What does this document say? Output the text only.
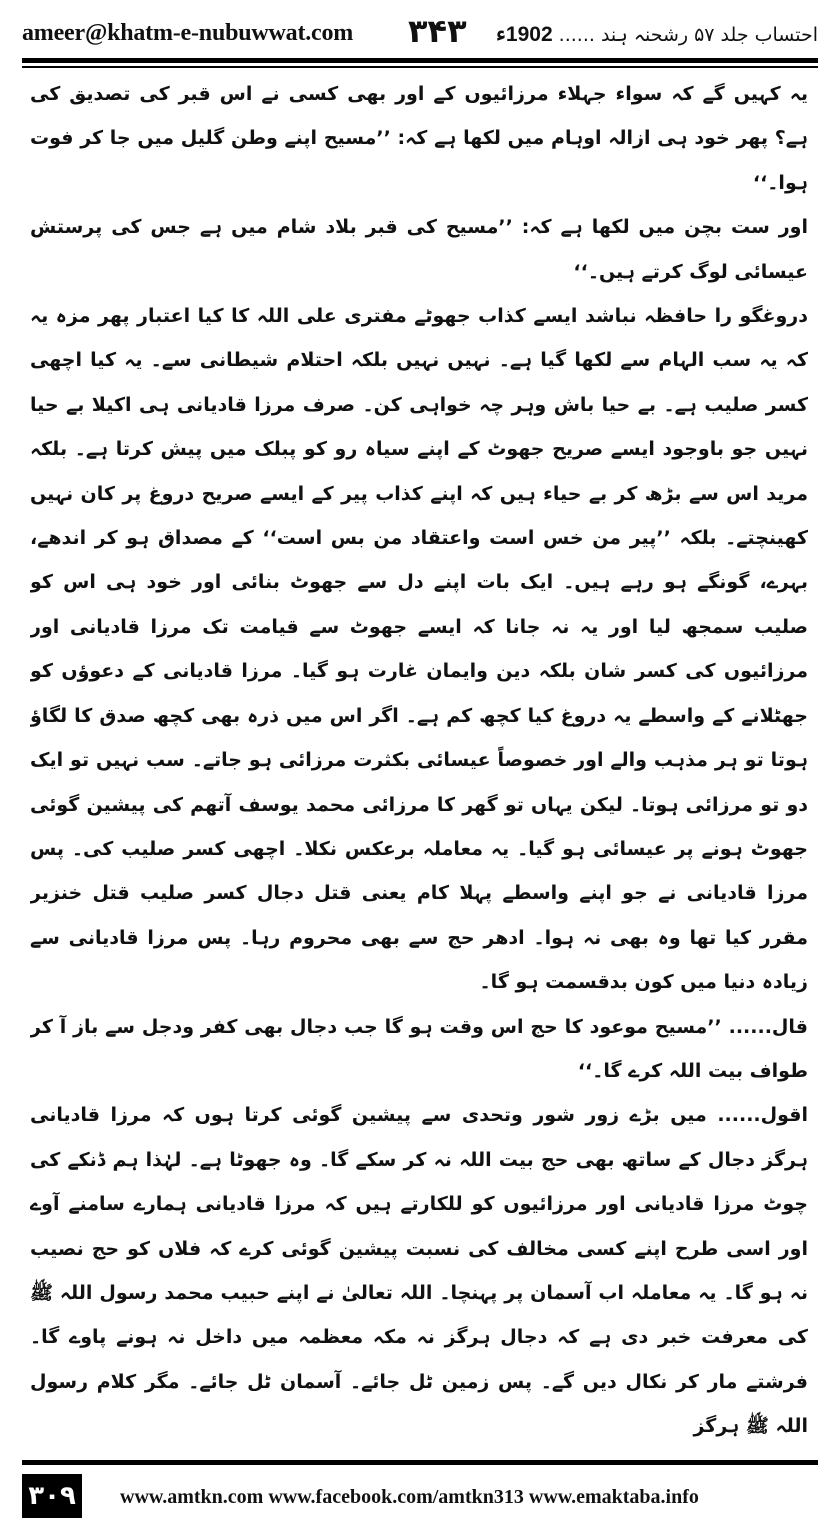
ameer@khatm-e-nubuwwat.com ۳۴۳	احتساب جلد ۵۷ رشحنہ ہند ...... 1902ء

یہ کہیں گے کہ سواء جہلاء مرزائیوں کے اور بھی کسی نے اس قبر کی تصدیق کی ہے؟ پھر خود ہی ازالہ اوہام میں لکھا ہے کہ: ’’مسیح اپنے وطن گلیل میں جا کر فوت ہوا۔‘‘

اور ست بچن میں لکھا ہے کہ: ’’مسیح کی قبر بلاد شام میں ہے جس کی پرستش عیسائی لوگ کرتے ہیں۔‘‘

دروغگو را حافظہ نباشد ایسے کذاب جھوٹے مفتری علی اللہ کا کیا اعتبار پھر مزہ یہ کہ یہ سب الہام سے لکھا گیا ہے۔ نہیں نہیں بلکہ احتلام شیطانی سے۔ یہ کیا اچھی کسر صلیب ہے۔ بے حیا باش وہر چہ خواہی کن۔ صرف مرزا قادیانی ہی اکیلا بے حیا نہیں جو باوجود ایسے صریح جھوٹ کے اپنے سیاہ رو کو پبلک میں پیش کرتا ہے۔ بلکہ مرید اس سے بڑھ کر بے حیاء ہیں کہ اپنے کذاب پیر کے ایسے صریح دروغ پر کان نہیں کھینچتے۔ بلکہ ’’پیر من خس است واعتقاد من بس است‘‘ کے مصداق ہو کر اندھے، بہرے، گونگے ہو رہے ہیں۔ ایک بات اپنے دل سے جھوٹ بنائی اور خود ہی اس کو صلیب سمجھ لیا اور یہ نہ جانا کہ ایسے جھوٹ سے قیامت تک مرزا قادیانی اور مرزائیوں کی کسر شان بلکہ دین وایمان غارت ہو گیا۔ مرزا قادیانی کے دعوؤں کو جھٹلانے کے واسطے یہ دروغ کیا کچھ کم ہے۔ اگر اس میں ذرہ بھی کچھ صدق کا لگاؤ ہوتا تو ہر مذہب والے اور خصوصاً عیسائی بکثرت مرزائی ہو جاتے۔ سب نہیں تو ایک دو تو مرزائی ہوتا۔ لیکن یہاں تو گھر کا مرزائی محمد یوسف آتھم کی پیشین گوئی جھوٹ ہونے پر عیسائی ہو گیا۔ یہ معاملہ برعکس نکلا۔ اچھی کسر صلیب کی۔ پس مرزا قادیانی نے جو اپنے واسطے پہلا کام یعنی قتل دجال کسر صلیب قتل خنزیر مقرر کیا تھا وہ بھی نہ ہوا۔ ادھر حج سے بھی محروم رہا۔ پس مرزا قادیانی سے زیادہ دنیا میں کون بدقسمت ہو گا۔

قال...... ’’مسیح موعود کا حج اس وقت ہو گا جب دجال بھی کفر ودجل سے باز آ کر طواف بیت اللہ کرے گا۔‘‘

اقول...... میں بڑے زور شور وتحدی سے پیشین گوئی کرتا ہوں کہ مرزا قادیانی ہرگز دجال کے ساتھ بھی حج بیت اللہ نہ کر سکے گا۔ وہ جھوٹا ہے۔ لہٰذا ہم ڈنکے کی چوٹ مرزا قادیانی اور مرزائیوں کو للکارتے ہیں کہ مرزا قادیانی ہمارے سامنے آوے اور اسی طرح اپنے کسی مخالف کی نسبت پیشین گوئی کرے کہ فلاں کو حج نصیب نہ ہو گا۔ یہ معاملہ اب آسمان پر پہنچا۔ اللہ تعالیٰ نے اپنے حبیب محمد رسول اللہ ﷺ کی معرفت خبر دی ہے کہ دجال ہرگز نہ مکہ معظمہ میں داخل نہ ہونے پاوے گا۔ فرشتے مار کر نکال دیں گے۔ پس زمین ٹل جائے۔ آسمان ٹل جائے۔ مگر کلام رسول اللہ ﷺ ہرگز

۳۰۹	www.amtkn.com www.facebook.com/amtkn313 www.emaktaba.info
